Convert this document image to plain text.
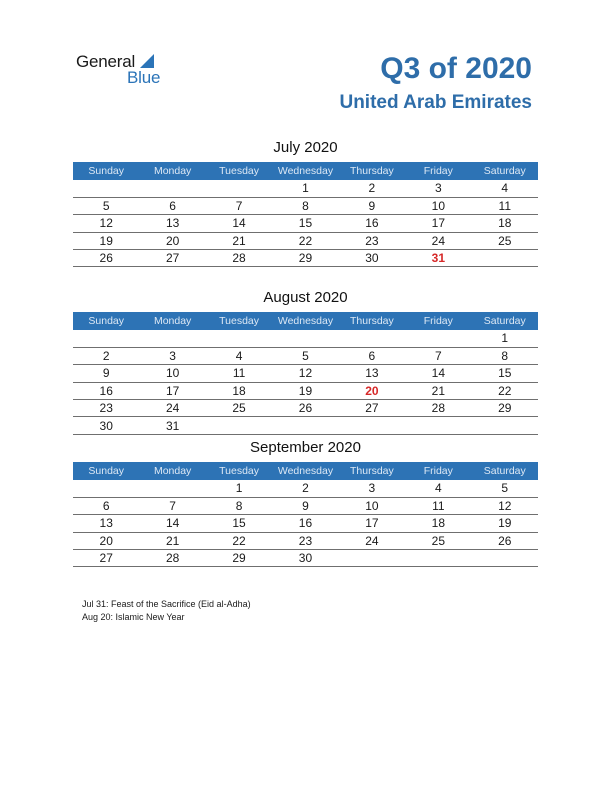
General
Blue	Q3 of 2020
United Arab Emirates
July 2020
Sunday	Monday	Tuesday	Wednesday	Thursday	Friday	Saturday
			1	2	3	4
5	6	7	8	9	10	11
12	13	14	15	16	17	18
19	20	21	22	23	24	25
26	27	28	29	30	31	
August 2020
Sunday	Monday	Tuesday	Wednesday	Thursday	Friday	Saturday
						1
2	3	4	5	6	7	8
9	10	11	12	13	14	15
16	17	18	19	20	21	22
23	24	25	26	27	28	29
30	31					
September 2020
Sunday	Monday	Tuesday	Wednesday	Thursday	Friday	Saturday
		1	2	3	4	5
6	7	8	9	10	11	12
13	14	15	16	17	18	19
20	21	22	23	24	25	26
27	28	29	30			
Jul 31: Feast of the Sacrifice (Eid al-Adha)
Aug 20: Islamic New Year
